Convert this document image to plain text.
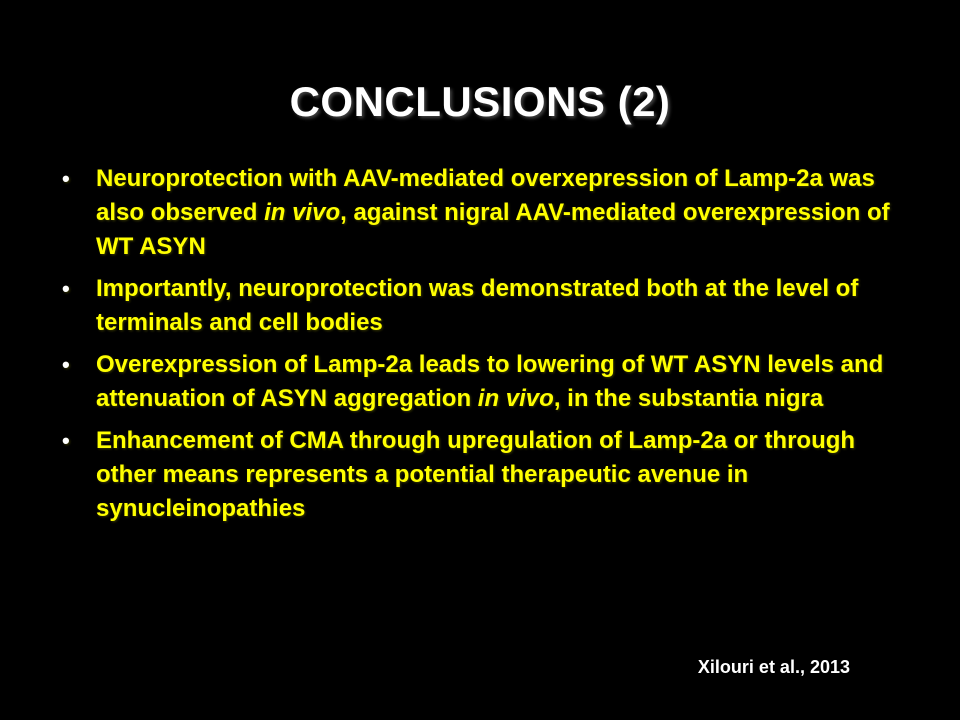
CONCLUSIONS (2)
• Neuroprotection with AAV-mediated overxepression of Lamp-2a was also observed in vivo, against nigral AAV-mediated overexpression of WT ASYN
• Importantly, neuroprotection was demonstrated both at the level of terminals and cell bodies
• Overexpression of Lamp-2a leads to lowering of WT ASYN levels and attenuation of ASYN aggregation in vivo, in the substantia nigra
• Enhancement of CMA through upregulation of Lamp-2a or through other means represents a potential therapeutic avenue in synucleinopathies
Xilouri et al., 2013
